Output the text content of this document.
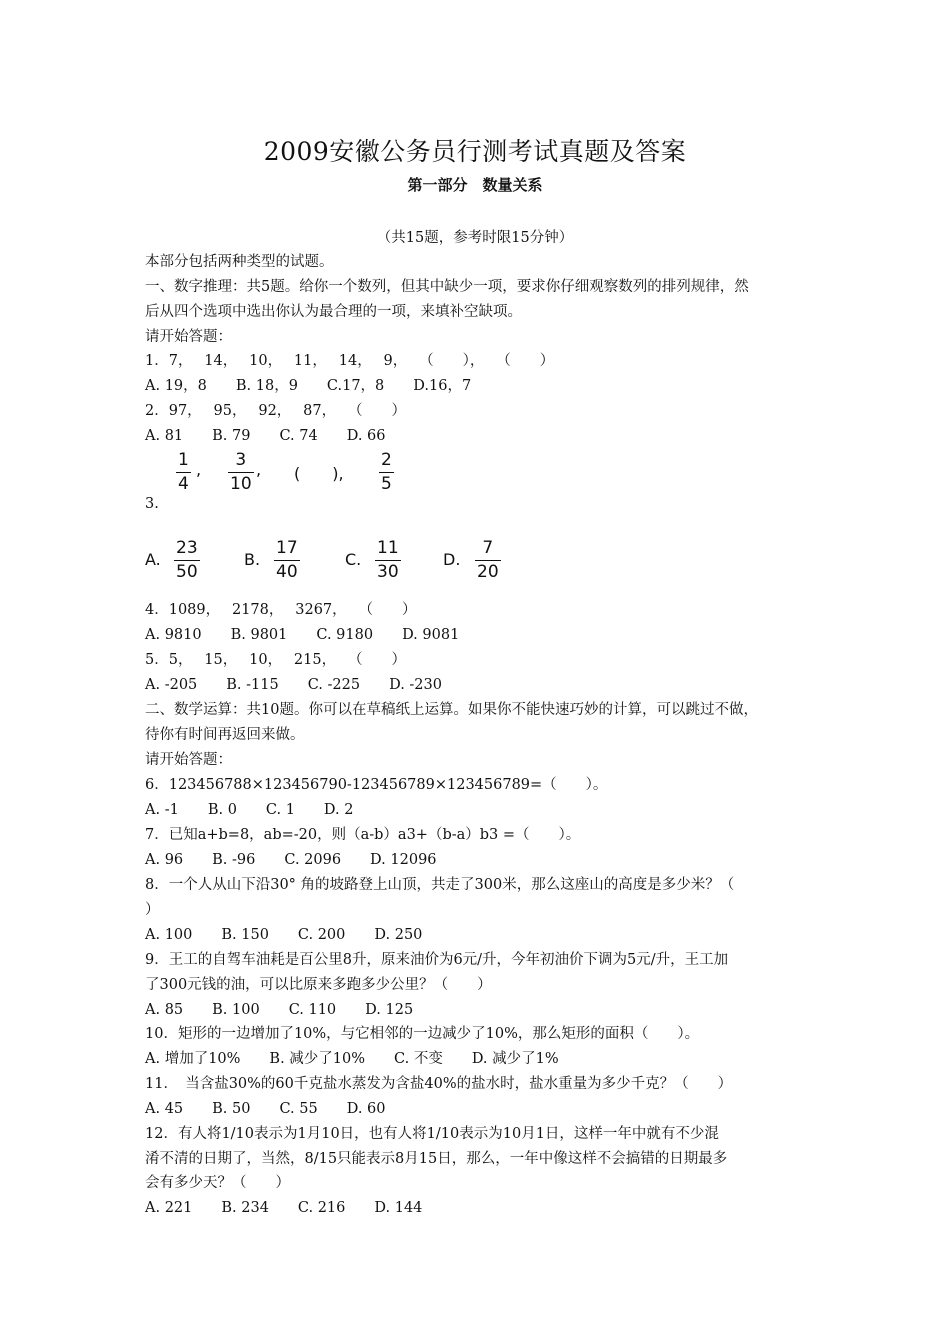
2009安徽公务员行测考试真题及答案
第一部分　数量关系
（共15题，参考时限15分钟）
本部分包括两种类型的试题。
一、数字推理：共5题。给你一个数列，但其中缺少一项，要求你仔细观察数列的排列规律，然
后从四个选项中选出你认为最合理的一项，来填补空缺项。
请开始答题：
1．7，　 14，　 10，　 11，　 14，　 9，　 （　　），　 （　　）
A. 19，8　　B. 18，9　　C.17，8　　D.16，7
2．97，　 95，　 92，　 87，　 （　　）
A. 81　　B. 79　　C. 74　　D. 66
1
4
,	3
10
, (　　),
2
5
3.
A.
23
50
B.
17
40
C.
11
30
D.
7
20
4．1089，　 2178，　 3267，　 （　　）
A. 9810　　B. 9801　　C. 9180　　D. 9081
5．5，　 15，　 10，　 215，　 （　　）
A. -205　　B. -115　　C. -225　　D. -230
二、数学运算：共10题。你可以在草稿纸上运算。如果你不能快速巧妙的计算，可以跳过不做，
待你有时间再返回来做。
请开始答题：
6．123456788×123456790-123456789×123456789=（　　）。
A. -1　　B. 0　　C. 1　　D. 2
7．已知a+b=8，ab=-20，则（a-b）a3+（b-a）b3 =（　　）。
A. 96　　B. -96　　C. 2096　　D. 12096
8．一个人从山下沿30° 角的坡路登上山顶，共走了300米，那么这座山的高度是多少米？（
）
A. 100　　B. 150　　C. 200　　D. 250
9．王工的自驾车油耗是百公里8升，原来油价为6元/升，今年初油价下调为5元/升，王工加
了300元钱的油，可以比原来多跑多少公里？（　　）
A. 85　　B. 100　　C. 110　　D. 125
10．矩形的一边增加了10%，与它相邻的一边减少了10%，那么矩形的面积（　　）。
A. 增加了10%　　B. 减少了10%　　C. 不变　　D. 减少了1%
11．　当含盐30%的60千克盐水蒸发为含盐40%的盐水时，盐水重量为多少千克？（　　）
A. 45　　B. 50　　C. 55　　D. 60
12．有人将1/10表示为1月10日，也有人将1/10表示为10月1日，这样一年中就有不少混
淆不清的日期了，当然，8/15只能表示8月15日，那么，一年中像这样不会搞错的日期最多
会有多少天？（　　）
A. 221　　B. 234　　C. 216　　D. 144
